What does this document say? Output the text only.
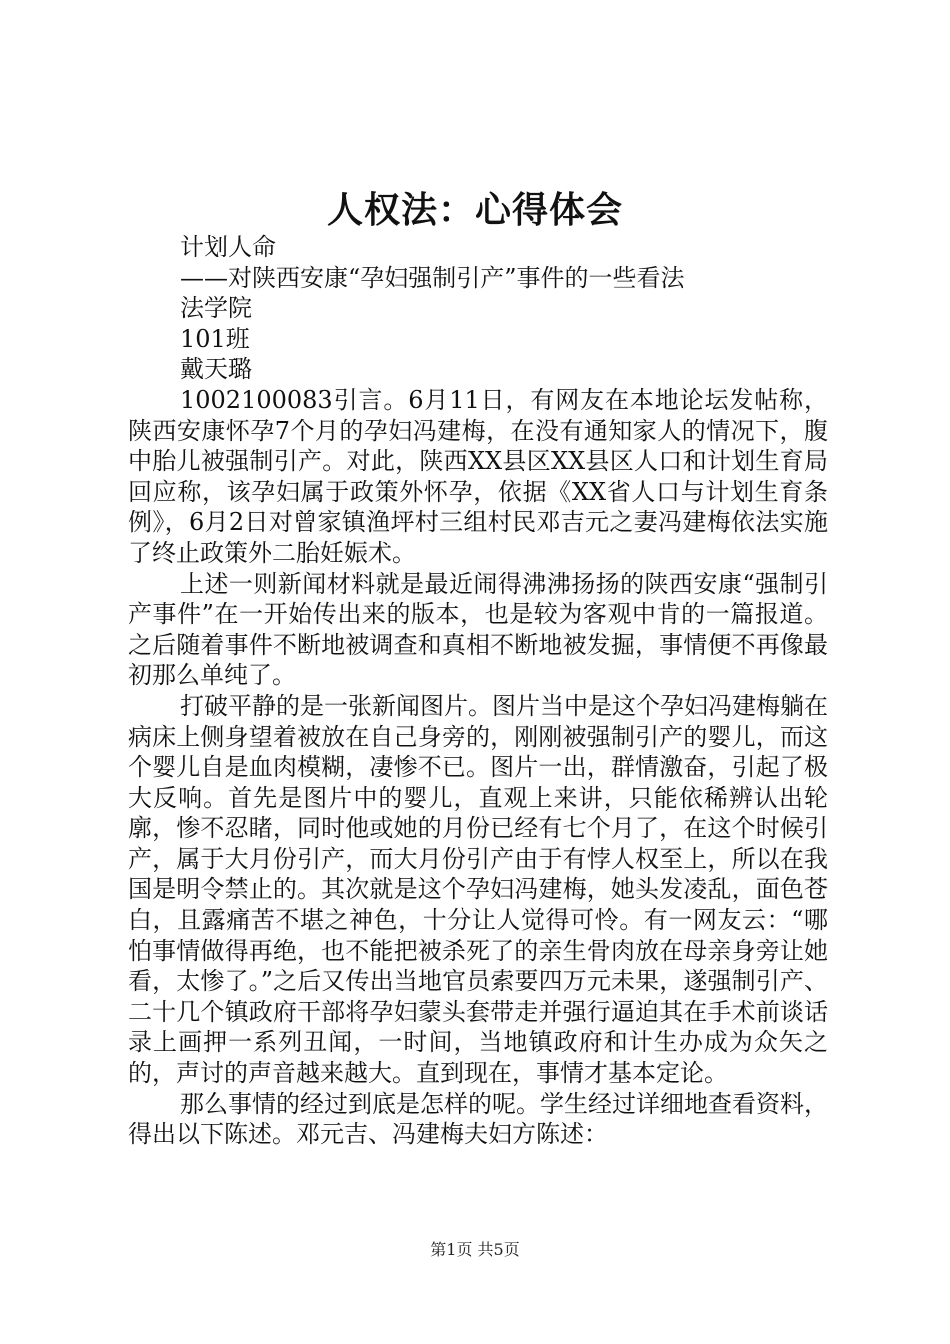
人权法：心得体会

计划人命

——对陕西安康“孕妇强制引产”事件的一些看法

法学院

101班

戴天璐

1002100083引言。6月11日，有网友在本地论坛发帖称，陕西安康怀孕7个月的孕妇冯建梅，在没有通知家人的情况下，腹中胎儿被强制引产。对此，陕西XX县区XX县区人口和计划生育局回应称，该孕妇属于政策外怀孕，依据《XX省人口与计划生育条例》，6月2日对曾家镇渔坪村三组村民邓吉元之妻冯建梅依法实施了终止政策外二胎妊娠术。

上述一则新闻材料就是最近闹得沸沸扬扬的陕西安康“强制引产事件”在一开始传出来的版本，也是较为客观中肯的一篇报道。之后随着事件不断地被调查和真相不断地被发掘，事情便不再像最初那么单纯了。

打破平静的是一张新闻图片。图片当中是这个孕妇冯建梅躺在病床上侧身望着被放在自己身旁的，刚刚被强制引产的婴儿，而这个婴儿自是血肉模糊，凄惨不已。图片一出，群情激奋，引起了极大反响。首先是图片中的婴儿，直观上来讲，只能依稀辨认出轮廓，惨不忍睹，同时他或她的月份已经有七个月了，在这个时候引产，属于大月份引产，而大月份引产由于有悖人权至上，所以在我国是明令禁止的。其次就是这个孕妇冯建梅，她头发凌乱，面色苍白，且露痛苦不堪之神色，十分让人觉得可怜。有一网友云：“哪怕事情做得再绝，也不能把被杀死了的亲生骨肉放在母亲身旁让她看，太惨了。”之后又传出当地官员索要四万元未果，遂强制引产、二十几个镇政府干部将孕妇蒙头套带走并强行逼迫其在手术前谈话录上画押一系列丑闻，一时间，当地镇政府和计生办成为众矢之的，声讨的声音越来越大。直到现在，事情才基本定论。

那么事情的经过到底是怎样的呢。学生经过详细地查看资料，得出以下陈述。邓元吉、冯建梅夫妇方陈述：

第1页 共5页
